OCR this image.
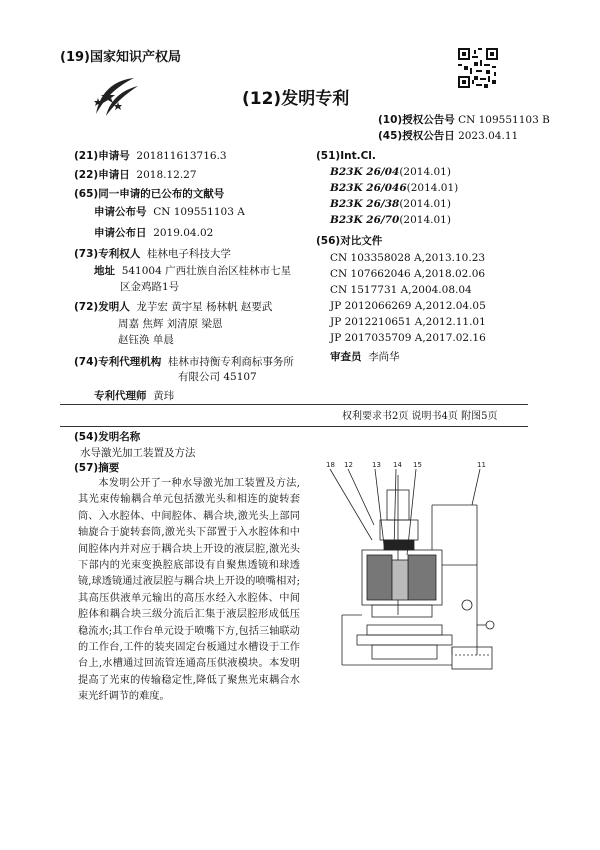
(19)国家知识产权局
(12)发明专利
(10)授权公告号 CN 109551103 B
(45)授权公告日 2023.04.11
(21)申请号 201811613716.3
(22)申请日 2018.12.27
(65)同一申请的已公布的文献号
申请公布号 CN 109551103 A
申请公布日 2019.04.02
(73)专利权人 桂林电子科技大学
地址 541004 广西壮族自治区桂林市七星
区金鸡路1号
(72)发明人 龙芋宏 黄宇星 杨林帆 赵要武
周嘉 焦辉 刘清原 梁恩
赵钰涣 单晨
(74)专利代理机构 桂林市持衡专利商标事务所
有限公司 45107
专利代理师 黄玮
(51)Int.Cl.
B23K 26/04(2014.01)
B23K 26/046(2014.01)
B23K 26/38(2014.01)
B23K 26/70(2014.01)
(56)对比文件
CN 103358028 A,2013.10.23
CN 107662046 A,2018.02.06
CN 1517731 A,2004.08.04
JP 2012066269 A,2012.04.05
JP 2012210651 A,2012.11.01
JP 2017035709 A,2017.02.16
审查员 李尚华
权利要求书2页 说明书4页 附图5页
(54)发明名称
水导激光加工装置及方法
(57)摘要
本发明公开了一种水导激光加工装置及方法,其光束传输耦合单元包括激光头和相连的旋转套筒、入水腔体、中间腔体、耦合块,激光头上部同轴旋合于旋转套筒,激光头下部置于入水腔体和中间腔体内并对应于耦合块上开设的液层腔,激光头下部内的光束变换腔底部设有自聚焦透镜和球透镜,球透镜通过液层腔与耦合块上开设的喷嘴相对;其高压供液单元输出的高压水经入水腔体、中间腔体和耦合块三级分流后汇集于液层腔形成低压稳流水;其工作台单元设于喷嘴下方,包括三轴联动的工作台,工件的装夹固定台板通过水槽设于工作台上,水槽通过回流管连通高压供液模块。本发明提高了光束的传输稳定性,降低了聚焦光束耦合水束光纤调节的难度。
18 12	13 14 15	11
